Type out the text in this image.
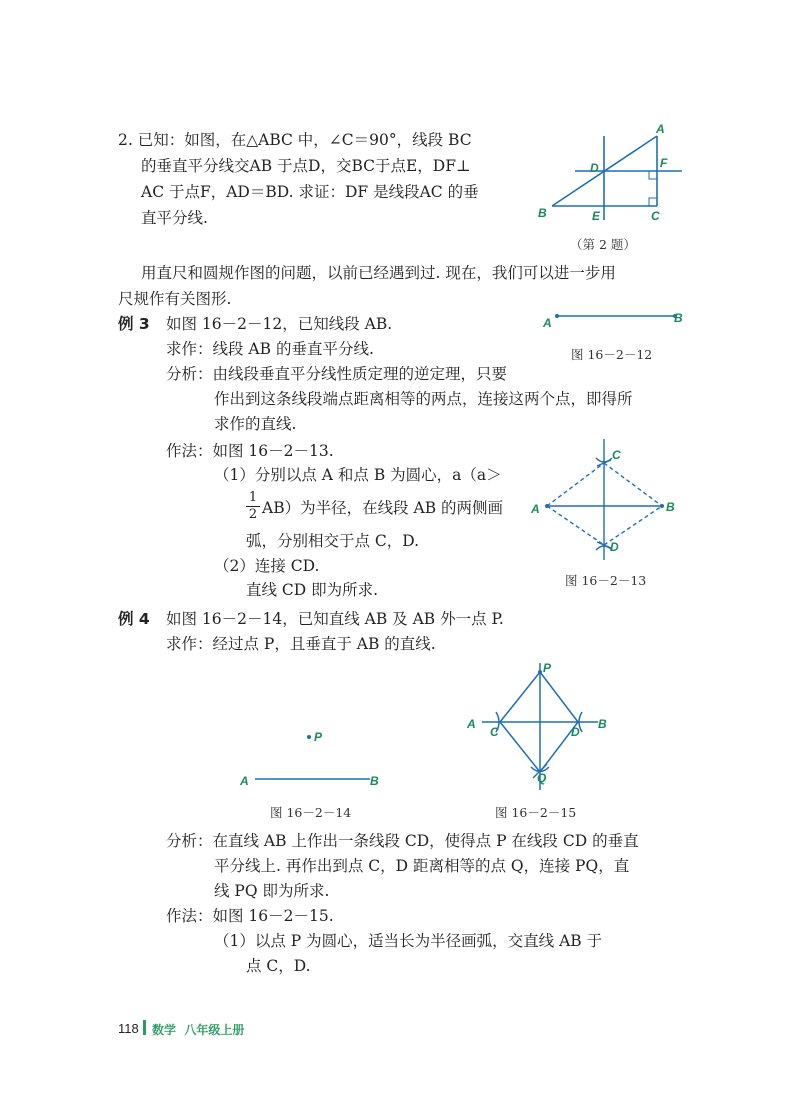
2. 已知：如图，在△ABC 中，∠C＝90°，线段 BC
的垂直平分线交AB 于点D，交BC于点E，DF⊥
AC 于点F，AD＝BD. 求证：DF 是线段AC 的垂
直平分线.
A
B	C
D
E
F
（第 2 题）
用直尺和圆规作图的问题，以前已经遇到过. 现在，我们可以进一步用
尺规作有关图形.
例 3 如图 16－2－12，已知线段 AB.
求作：线段 AB 的垂直平分线.
分析：由线段垂直平分线性质定理的逆定理，只要
作出到这条线段端点距离相等的两点，连接这两个点，即得所
求作的直线.
A	B
图 16－2－12
作法：如图 16－2－13.
（1）分别以点 A 和点 B 为圆心，a（a＞
1
2 AB）为半径，在线段 AB 的两侧画
弧，分别相交于点 C，D.
（2）连接 CD.
直线 CD 即为所求.
C
A	B
D
图 16－2－13
例 4 如图 16－2－14，已知直线 AB 及 AB 外一点 P.
求作：经过点 P，且垂直于 AB 的直线.
P
A	B
图 16－2－14
P
A
C	D
B
Q
图 16－2－15
分析：在直线 AB 上作出一条线段 CD，使得点 P 在线段 CD 的垂直
平分线上. 再作出到点 C，D 距离相等的点 Q，连接 PQ，直
线 PQ 即为所求.
作法：如图 16－2－15.
（1）以点 P 为圆心，适当长为半径画弧，交直线 AB 于
点 C，D.
118 数学 八年级上册
